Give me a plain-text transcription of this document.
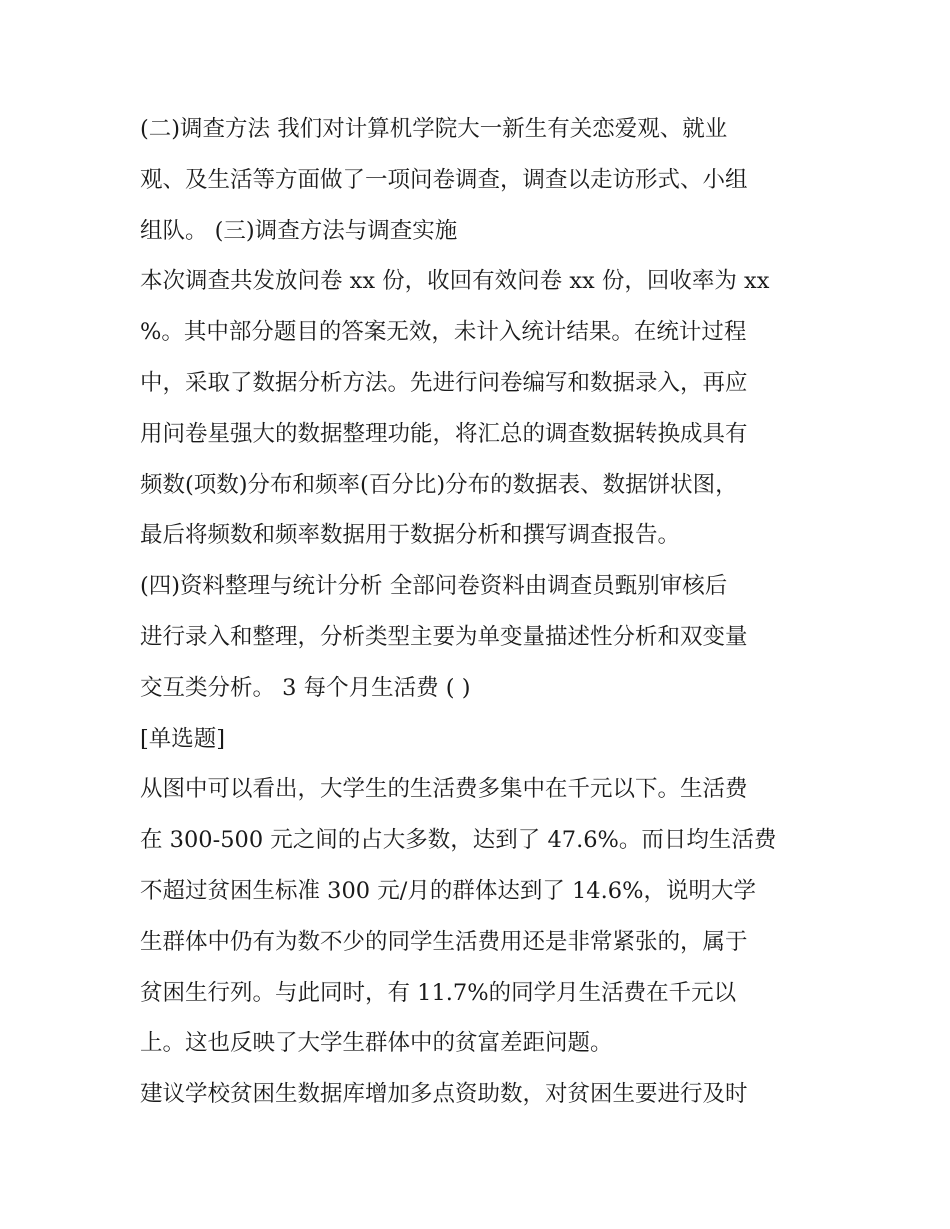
(二)调查方法 我们对计算机学院大一新生有关恋爱观、就业
观、及生活等方面做了一项问卷调查，调查以走访形式、小组
组队。 (三)调查方法与调查实施
本次调查共发放问卷 xx 份，收回有效问卷 xx 份，回收率为 xx
%。其中部分题目的答案无效，未计入统计结果。在统计过程
中，采取了数据分析方法。先进行问卷编写和数据录入，再应
用问卷星强大的数据整理功能，将汇总的调查数据转换成具有
频数(项数)分布和频率(百分比)分布的数据表、数据饼状图，
最后将频数和频率数据用于数据分析和撰写调查报告。
(四)资料整理与统计分析 全部问卷资料由调查员甄别审核后
进行录入和整理，分析类型主要为单变量描述性分析和双变量
交互类分析。 3 每个月生活费 ( )
[单选题]
从图中可以看出，大学生的生活费多集中在千元以下。生活费
在 300-500 元之间的占大多数，达到了 47.6%。而日均生活费
不超过贫困生标准 300 元/月的群体达到了 14.6%，说明大学
生群体中仍有为数不少的同学生活费用还是非常紧张的，属于
贫困生行列。与此同时，有 11.7%的同学月生活费在千元以
上。这也反映了大学生群体中的贫富差距问题。
建议学校贫困生数据库增加多点资助数，对贫困生要进行及时
